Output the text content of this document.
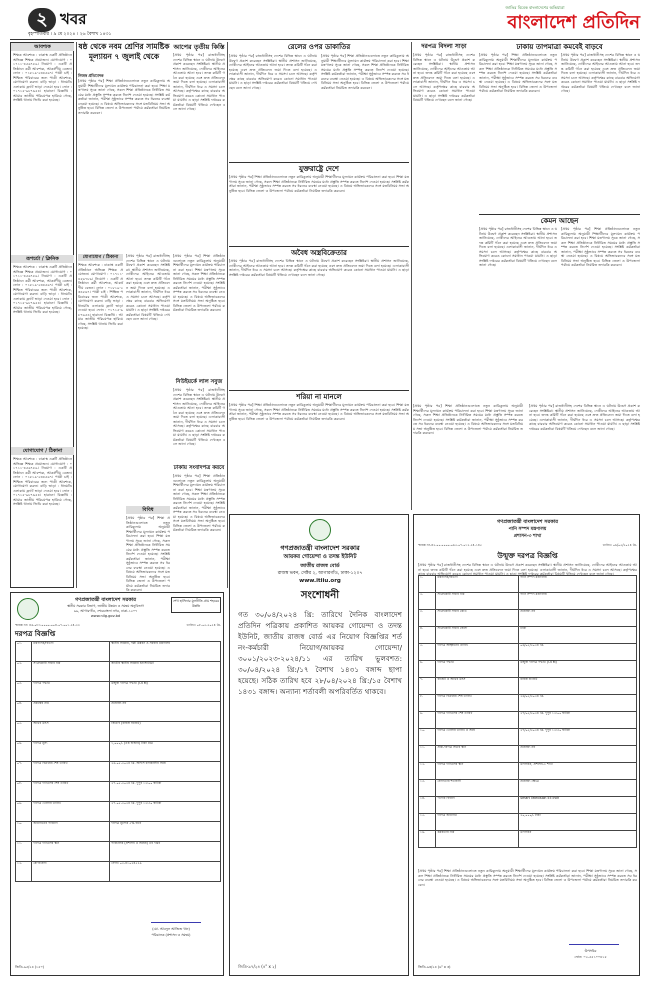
২ খবর
বৃহস্পতিবার । ৯ মে ২০২৪ । ২৬ বৈশাখ ১৪৩১
জাতির বিবেক বাংলাদেশের অভিযাত্রা
বাংলাদেশ প্রতিদিন
আবশ্যক
শিক্ষক আবশ্যক : ঢাকাস্থ একটি প্রতিষ্ঠানে অভিজ্ঞ শিক্ষক প্রয়োজন। যোগাযোগ : ০১৭১১-৪৫৬৭৮৯। নিয়োগ : একটি প্রতিষ্ঠানে কর্মী আবশ্যক, আকর্ষণীয় বেতন। ফোন : ০১৮১৯-২৩৪৫৬৭। পাত্রী চাই : শিক্ষিত পরিবারের জন্য পাত্রী আবশ্যক, যোগাযোগ করুন। বাড়ি ভাড়া : ধানমণ্ডি এলাকায় ফ্ল্যাট ভাড়া দেওয়া হবে। ফোন : ০১৭১৫-৯৮৭৬৫৪। হারানো বিজ্ঞপ্তি : আমার জাতীয় পরিচয়পত্র হারিয়ে গেছে, সংশ্লিষ্ট থানায় জিডি করা হয়েছে।
রূপচর্চা / ক্লিনিক
শিক্ষক আবশ্যক : ঢাকাস্থ একটি প্রতিষ্ঠানে অভিজ্ঞ শিক্ষক প্রয়োজন। যোগাযোগ : ০১৭১১-৪৫৬৭৮৯। নিয়োগ : একটি প্রতিষ্ঠানে কর্মী আবশ্যক, আকর্ষণীয় বেতন। ফোন : ০১৮১৯-২৩৪৫৬৭। পাত্রী চাই : শিক্ষিত পরিবারের জন্য পাত্রী আবশ্যক, যোগাযোগ করুন। বাড়ি ভাড়া : ধানমণ্ডি এলাকায় ফ্ল্যাট ভাড়া দেওয়া হবে। ফোন : ০১৭১৫-৯৮৭৬৫৪। হারানো বিজ্ঞপ্তি : আমার জাতীয় পরিচয়পত্র হারিয়ে গেছে, সংশ্লিষ্ট থানায় জিডি করা হয়েছে।
যোগাযোগ / ঠিকানা
শিক্ষক আবশ্যক : ঢাকাস্থ একটি প্রতিষ্ঠানে অভিজ্ঞ শিক্ষক প্রয়োজন। যোগাযোগ : ০১৭১১-৪৫৬৭৮৯। নিয়োগ : একটি প্রতিষ্ঠানে কর্মী আবশ্যক, আকর্ষণীয় বেতন। ফোন : ০১৮১৯-২৩৪৫৬৭। পাত্রী চাই : শিক্ষিত পরিবারের জন্য পাত্রী আবশ্যক, যোগাযোগ করুন। বাড়ি ভাড়া : ধানমণ্ডি এলাকায় ফ্ল্যাট ভাড়া দেওয়া হবে। ফোন : ০১৭১৫-৯৮৭৬৫৪। হারানো বিজ্ঞপ্তি : আমার জাতীয় পরিচয়পত্র হারিয়ে গেছে, সংশ্লিষ্ট থানায় জিডি করা হয়েছে।
ষষ্ঠ থেকে নবম শ্রেণির সামষ্টিক মূল্যায়ন ৭ জুলাই থেকে
নিজস্ব প্রতিবেদক
[প্রথম পৃষ্ঠার পর] শিক্ষা প্রতিষ্ঠানগুলোতে নতুন কারিকুলাম অনুযায়ী শিক্ষার্থীদের মূল্যায়ন কার্যক্রম পরিচালনা করা হবে। শিক্ষা মন্ত্রণালয় সূত্রে জানা গেছে, সকল শিক্ষা প্রতিষ্ঠানকে নির্ধারিত সময়ের মধ্যে প্রস্তুতি সম্পন্ন করতে নির্দেশ দেওয়া হয়েছে। সংশ্লিষ্ট কর্মকর্তারা জানান, পরীক্ষা সুষ্ঠুভাবে সম্পন্ন করতে সব ধরনের ব্যবস্থা নেওয়া হয়েছে। এ বিষয়ে অভিভাবকদের সঙ্গে মতবিনিময় সভা অনুষ্ঠিত হবে। বিভিন্ন জেলা ও উপজেলা পর্যায়ে কর্মকর্তারা নিয়মিত তদারকি করবেন।
যোগাযোগ / ঠিকানা
শিক্ষক আবশ্যক : ঢাকাস্থ একটি প্রতিষ্ঠানে অভিজ্ঞ শিক্ষক প্রয়োজন। যোগাযোগ : ০১৭১১-৪৫৬৭৮৯। নিয়োগ : একটি প্রতিষ্ঠানে কর্মী আবশ্যক, আকর্ষণীয় বেতন। ফোন : ০১৮১৯-২৩৪৫৬৭। পাত্রী চাই : শিক্ষিত পরিবারের জন্য পাত্রী আবশ্যক, যোগাযোগ করুন। বাড়ি ভাড়া : ধানমণ্ডি এলাকায় ফ্ল্যাট ভাড়া দেওয়া হবে। ফোন : ০১৭১৫-৯৮৭৬৫৪। হারানো বিজ্ঞপ্তি : আমার জাতীয় পরিচয়পত্র হারিয়ে গেছে, সংশ্লিষ্ট থানায় জিডি করা হয়েছে।
[প্রথম পৃষ্ঠার পর] রাজধানীসহ দেশের বিভিন্ন স্থানে এ ঘটনায় উদ্বেগ প্রকাশ করেছেন সংশ্লিষ্টরা। স্থানীয় প্রশাসন জানিয়েছে, দোষীদের আইনের আওতায় আনা হবে। তদন্ত কমিটি গঠন করা হয়েছে এবং দ্রুত প্রতিবেদন জমা দিতে বলা হয়েছে। এলাকাবাসী জানান, দীর্ঘদিন ধরে এ সমস্যা চলে আসছে। কর্তৃপক্ষের কাছে বারবার অভিযোগ করেও কোনো সমাধান পাওয়া যায়নি। এ ছাড়া সংশ্লিষ্ট দপ্তরের কর্মকর্তারা বিষয়টি খতিয়ে দেখছেন বলে জানা গেছে।
বিবিধ
[প্রথম পৃষ্ঠার পর] শিক্ষা প্রতিষ্ঠানগুলোতে নতুন কারিকুলাম অনুযায়ী শিক্ষার্থীদের মূল্যায়ন কার্যক্রম পরিচালনা করা হবে। শিক্ষা মন্ত্রণালয় সূত্রে জানা গেছে, সকল শিক্ষা প্রতিষ্ঠানকে নির্ধারিত সময়ের মধ্যে প্রস্তুতি সম্পন্ন করতে নির্দেশ দেওয়া হয়েছে। সংশ্লিষ্ট কর্মকর্তারা জানান, পরীক্ষা সুষ্ঠুভাবে সম্পন্ন করতে সব ধরনের ব্যবস্থা নেওয়া হয়েছে। এ বিষয়ে অভিভাবকদের সঙ্গে মতবিনিময় সভা অনুষ্ঠিত হবে। বিভিন্ন জেলা ও উপজেলা পর্যায়ে কর্মকর্তারা নিয়মিত তদারকি করবেন।
আপের তৃতীয় কিস্তি
[প্রথম পৃষ্ঠার পর] রাজধানীসহ দেশের বিভিন্ন স্থানে এ ঘটনায় উদ্বেগ প্রকাশ করেছেন সংশ্লিষ্টরা। স্থানীয় প্রশাসন জানিয়েছে, দোষীদের আইনের আওতায় আনা হবে। তদন্ত কমিটি গঠন করা হয়েছে এবং দ্রুত প্রতিবেদন জমা দিতে বলা হয়েছে। এলাকাবাসী জানান, দীর্ঘদিন ধরে এ সমস্যা চলে আসছে। কর্তৃপক্ষের কাছে বারবার অভিযোগ করেও কোনো সমাধান পাওয়া যায়নি। এ ছাড়া সংশ্লিষ্ট দপ্তরের কর্মকর্তারা বিষয়টি খতিয়ে দেখছেন বলে জানা গেছে।
[প্রথম পৃষ্ঠার পর] শিক্ষা প্রতিষ্ঠানগুলোতে নতুন কারিকুলাম অনুযায়ী শিক্ষার্থীদের মূল্যায়ন কার্যক্রম পরিচালনা করা হবে। শিক্ষা মন্ত্রণালয় সূত্রে জানা গেছে, সকল শিক্ষা প্রতিষ্ঠানকে নির্ধারিত সময়ের মধ্যে প্রস্তুতি সম্পন্ন করতে নির্দেশ দেওয়া হয়েছে। সংশ্লিষ্ট কর্মকর্তারা জানান, পরীক্ষা সুষ্ঠুভাবে সম্পন্ন করতে সব ধরনের ব্যবস্থা নেওয়া হয়েছে। এ বিষয়ে অভিভাবকদের সঙ্গে মতবিনিময় সভা অনুষ্ঠিত হবে। বিভিন্ন জেলা ও উপজেলা পর্যায়ে কর্মকর্তারা নিয়মিত তদারকি করবেন।
নিউইয়র্কে লাল সবুজ
[প্রথম পৃষ্ঠার পর] রাজধানীসহ দেশের বিভিন্ন স্থানে এ ঘটনায় উদ্বেগ প্রকাশ করেছেন সংশ্লিষ্টরা। স্থানীয় প্রশাসন জানিয়েছে, দোষীদের আইনের আওতায় আনা হবে। তদন্ত কমিটি গঠন করা হয়েছে এবং দ্রুত প্রতিবেদন জমা দিতে বলা হয়েছে। এলাকাবাসী জানান, দীর্ঘদিন ধরে এ সমস্যা চলে আসছে। কর্তৃপক্ষের কাছে বারবার অভিযোগ করেও কোনো সমাধান পাওয়া যায়নি। এ ছাড়া সংশ্লিষ্ট দপ্তরের কর্মকর্তারা বিষয়টি খতিয়ে দেখছেন বলে জানা গেছে।
ঢাকায় সংবাদপত্র করবে
[প্রথম পৃষ্ঠার পর] শিক্ষা প্রতিষ্ঠানগুলোতে নতুন কারিকুলাম অনুযায়ী শিক্ষার্থীদের মূল্যায়ন কার্যক্রম পরিচালনা করা হবে। শিক্ষা মন্ত্রণালয় সূত্রে জানা গেছে, সকল শিক্ষা প্রতিষ্ঠানকে নির্ধারিত সময়ের মধ্যে প্রস্তুতি সম্পন্ন করতে নির্দেশ দেওয়া হয়েছে। সংশ্লিষ্ট কর্মকর্তারা জানান, পরীক্ষা সুষ্ঠুভাবে সম্পন্ন করতে সব ধরনের ব্যবস্থা নেওয়া হয়েছে। এ বিষয়ে অভিভাবকদের সঙ্গে মতবিনিময় সভা অনুষ্ঠিত হবে। বিভিন্ন জেলা ও উপজেলা পর্যায়ে কর্মকর্তারা নিয়মিত তদারকি করবেন।
রেলের ওপর ডাকাতির
[প্রথম পৃষ্ঠার পর] রাজধানীসহ দেশের বিভিন্ন স্থানে এ ঘটনায় উদ্বেগ প্রকাশ করেছেন সংশ্লিষ্টরা। স্থানীয় প্রশাসন জানিয়েছে, দোষীদের আইনের আওতায় আনা হবে। তদন্ত কমিটি গঠন করা হয়েছে এবং দ্রুত প্রতিবেদন জমা দিতে বলা হয়েছে। এলাকাবাসী জানান, দীর্ঘদিন ধরে এ সমস্যা চলে আসছে। কর্তৃপক্ষের কাছে বারবার অভিযোগ করেও কোনো সমাধান পাওয়া যায়নি। এ ছাড়া সংশ্লিষ্ট দপ্তরের কর্মকর্তারা বিষয়টি খতিয়ে দেখছেন বলে জানা গেছে।
[প্রথম পৃষ্ঠার পর] শিক্ষা প্রতিষ্ঠানগুলোতে নতুন কারিকুলাম অনুযায়ী শিক্ষার্থীদের মূল্যায়ন কার্যক্রম পরিচালনা করা হবে। শিক্ষা মন্ত্রণালয় সূত্রে জানা গেছে, সকল শিক্ষা প্রতিষ্ঠানকে নির্ধারিত সময়ের মধ্যে প্রস্তুতি সম্পন্ন করতে নির্দেশ দেওয়া হয়েছে। সংশ্লিষ্ট কর্মকর্তারা জানান, পরীক্ষা সুষ্ঠুভাবে সম্পন্ন করতে সব ধরনের ব্যবস্থা নেওয়া হয়েছে। এ বিষয়ে অভিভাবকদের সঙ্গে মতবিনিময় সভা অনুষ্ঠিত হবে। বিভিন্ন জেলা ও উপজেলা পর্যায়ে কর্মকর্তারা নিয়মিত তদারকি করবেন।
যুক্তরাষ্ট্রে দেশে
[প্রথম পৃষ্ঠার পর] শিক্ষা প্রতিষ্ঠানগুলোতে নতুন কারিকুলাম অনুযায়ী শিক্ষার্থীদের মূল্যায়ন কার্যক্রম পরিচালনা করা হবে। শিক্ষা মন্ত্রণালয় সূত্রে জানা গেছে, সকল শিক্ষা প্রতিষ্ঠানকে নির্ধারিত সময়ের মধ্যে প্রস্তুতি সম্পন্ন করতে নির্দেশ দেওয়া হয়েছে। সংশ্লিষ্ট কর্মকর্তারা জানান, পরীক্ষা সুষ্ঠুভাবে সম্পন্ন করতে সব ধরনের ব্যবস্থা নেওয়া হয়েছে। এ বিষয়ে অভিভাবকদের সঙ্গে মতবিনিময় সভা অনুষ্ঠিত হবে। বিভিন্ন জেলা ও উপজেলা পর্যায়ে কর্মকর্তারা নিয়মিত তদারকি করবেন।
অবৈধ অস্ত্রবিক্রেতার
[প্রথম পৃষ্ঠার পর] রাজধানীসহ দেশের বিভিন্ন স্থানে এ ঘটনায় উদ্বেগ প্রকাশ করেছেন সংশ্লিষ্টরা। স্থানীয় প্রশাসন জানিয়েছে, দোষীদের আইনের আওতায় আনা হবে। তদন্ত কমিটি গঠন করা হয়েছে এবং দ্রুত প্রতিবেদন জমা দিতে বলা হয়েছে। এলাকাবাসী জানান, দীর্ঘদিন ধরে এ সমস্যা চলে আসছে। কর্তৃপক্ষের কাছে বারবার অভিযোগ করেও কোনো সমাধান পাওয়া যায়নি। এ ছাড়া সংশ্লিষ্ট দপ্তরের কর্মকর্তারা বিষয়টি খতিয়ে দেখছেন বলে জানা গেছে।
শরিয়া না মানলে
[প্রথম পৃষ্ঠার পর] শিক্ষা প্রতিষ্ঠানগুলোতে নতুন কারিকুলাম অনুযায়ী শিক্ষার্থীদের মূল্যায়ন কার্যক্রম পরিচালনা করা হবে। শিক্ষা মন্ত্রণালয় সূত্রে জানা গেছে, সকল শিক্ষা প্রতিষ্ঠানকে নির্ধারিত সময়ের মধ্যে প্রস্তুতি সম্পন্ন করতে নির্দেশ দেওয়া হয়েছে। সংশ্লিষ্ট কর্মকর্তারা জানান, পরীক্ষা সুষ্ঠুভাবে সম্পন্ন করতে সব ধরনের ব্যবস্থা নেওয়া হয়েছে। এ বিষয়ে অভিভাবকদের সঙ্গে মতবিনিময় সভা অনুষ্ঠিত হবে। বিভিন্ন জেলা ও উপজেলা পর্যায়ে কর্মকর্তারা নিয়মিত তদারকি করবেন।
দরপত্র বিদলা সাড়া
[প্রথম পৃষ্ঠার পর] রাজধানীসহ দেশের বিভিন্ন স্থানে এ ঘটনায় উদ্বেগ প্রকাশ করেছেন সংশ্লিষ্টরা। স্থানীয় প্রশাসন জানিয়েছে, দোষীদের আইনের আওতায় আনা হবে। তদন্ত কমিটি গঠন করা হয়েছে এবং দ্রুত প্রতিবেদন জমা দিতে বলা হয়েছে। এলাকাবাসী জানান, দীর্ঘদিন ধরে এ সমস্যা চলে আসছে। কর্তৃপক্ষের কাছে বারবার অভিযোগ করেও কোনো সমাধান পাওয়া যায়নি। এ ছাড়া সংশ্লিষ্ট দপ্তরের কর্মকর্তারা বিষয়টি খতিয়ে দেখছেন বলে জানা গেছে।
ঢাকায় তাপমাত্রা কমবেই বাড়বে
[প্রথম পৃষ্ঠার পর] শিক্ষা প্রতিষ্ঠানগুলোতে নতুন কারিকুলাম অনুযায়ী শিক্ষার্থীদের মূল্যায়ন কার্যক্রম পরিচালনা করা হবে। শিক্ষা মন্ত্রণালয় সূত্রে জানা গেছে, সকল শিক্ষা প্রতিষ্ঠানকে নির্ধারিত সময়ের মধ্যে প্রস্তুতি সম্পন্ন করতে নির্দেশ দেওয়া হয়েছে। সংশ্লিষ্ট কর্মকর্তারা জানান, পরীক্ষা সুষ্ঠুভাবে সম্পন্ন করতে সব ধরনের ব্যবস্থা নেওয়া হয়েছে। এ বিষয়ে অভিভাবকদের সঙ্গে মতবিনিময় সভা অনুষ্ঠিত হবে। বিভিন্ন জেলা ও উপজেলা পর্যায়ে কর্মকর্তারা নিয়মিত তদারকি করবেন।
[প্রথম পৃষ্ঠার পর] রাজধানীসহ দেশের বিভিন্ন স্থানে এ ঘটনায় উদ্বেগ প্রকাশ করেছেন সংশ্লিষ্টরা। স্থানীয় প্রশাসন জানিয়েছে, দোষীদের আইনের আওতায় আনা হবে। তদন্ত কমিটি গঠন করা হয়েছে এবং দ্রুত প্রতিবেদন জমা দিতে বলা হয়েছে। এলাকাবাসী জানান, দীর্ঘদিন ধরে এ সমস্যা চলে আসছে। কর্তৃপক্ষের কাছে বারবার অভিযোগ করেও কোনো সমাধান পাওয়া যায়নি। এ ছাড়া সংশ্লিষ্ট দপ্তরের কর্মকর্তারা বিষয়টি খতিয়ে দেখছেন বলে জানা গেছে।
কেমন আছেন
[প্রথম পৃষ্ঠার পর] রাজধানীসহ দেশের বিভিন্ন স্থানে এ ঘটনায় উদ্বেগ প্রকাশ করেছেন সংশ্লিষ্টরা। স্থানীয় প্রশাসন জানিয়েছে, দোষীদের আইনের আওতায় আনা হবে। তদন্ত কমিটি গঠন করা হয়েছে এবং দ্রুত প্রতিবেদন জমা দিতে বলা হয়েছে। এলাকাবাসী জানান, দীর্ঘদিন ধরে এ সমস্যা চলে আসছে। কর্তৃপক্ষের কাছে বারবার অভিযোগ করেও কোনো সমাধান পাওয়া যায়নি। এ ছাড়া সংশ্লিষ্ট দপ্তরের কর্মকর্তারা বিষয়টি খতিয়ে দেখছেন বলে জানা গেছে।
[প্রথম পৃষ্ঠার পর] শিক্ষা প্রতিষ্ঠানগুলোতে নতুন কারিকুলাম অনুযায়ী শিক্ষার্থীদের মূল্যায়ন কার্যক্রম পরিচালনা করা হবে। শিক্ষা মন্ত্রণালয় সূত্রে জানা গেছে, সকল শিক্ষা প্রতিষ্ঠানকে নির্ধারিত সময়ের মধ্যে প্রস্তুতি সম্পন্ন করতে নির্দেশ দেওয়া হয়েছে। সংশ্লিষ্ট কর্মকর্তারা জানান, পরীক্ষা সুষ্ঠুভাবে সম্পন্ন করতে সব ধরনের ব্যবস্থা নেওয়া হয়েছে। এ বিষয়ে অভিভাবকদের সঙ্গে মতবিনিময় সভা অনুষ্ঠিত হবে। বিভিন্ন জেলা ও উপজেলা পর্যায়ে কর্মকর্তারা নিয়মিত তদারকি করবেন।
[প্রথম পৃষ্ঠার পর] শিক্ষা প্রতিষ্ঠানগুলোতে নতুন কারিকুলাম অনুযায়ী শিক্ষার্থীদের মূল্যায়ন কার্যক্রম পরিচালনা করা হবে। শিক্ষা মন্ত্রণালয় সূত্রে জানা গেছে, সকল শিক্ষা প্রতিষ্ঠানকে নির্ধারিত সময়ের মধ্যে প্রস্তুতি সম্পন্ন করতে নির্দেশ দেওয়া হয়েছে। সংশ্লিষ্ট কর্মকর্তারা জানান, পরীক্ষা সুষ্ঠুভাবে সম্পন্ন করতে সব ধরনের ব্যবস্থা নেওয়া হয়েছে। এ বিষয়ে অভিভাবকদের সঙ্গে মতবিনিময় সভা অনুষ্ঠিত হবে। বিভিন্ন জেলা ও উপজেলা পর্যায়ে কর্মকর্তারা নিয়মিত তদারকি করবেন।
[প্রথম পৃষ্ঠার পর] রাজধানীসহ দেশের বিভিন্ন স্থানে এ ঘটনায় উদ্বেগ প্রকাশ করেছেন সংশ্লিষ্টরা। স্থানীয় প্রশাসন জানিয়েছে, দোষীদের আইনের আওতায় আনা হবে। তদন্ত কমিটি গঠন করা হয়েছে এবং দ্রুত প্রতিবেদন জমা দিতে বলা হয়েছে। এলাকাবাসী জানান, দীর্ঘদিন ধরে এ সমস্যা চলে আসছে। কর্তৃপক্ষের কাছে বারবার অভিযোগ করেও কোনো সমাধান পাওয়া যায়নি। এ ছাড়া সংশ্লিষ্ট দপ্তরের কর্মকর্তারা বিষয়টি খতিয়ে দেখছেন বলে জানা গেছে।
গণপ্রজাতন্ত্রী বাংলাদেশ সরকার
স্থানীয় সরকার বিভাগ, জাতীয় উন্নয়ন ও সমন্বয় অনুবিভাগ
৯৯, আগারগাঁও, শেরেবাংলা নগর, ঢাকা-১২০৭
www.nilg.gov.bd
শেখ হাসিনার মূলনীতি গ্রাম শহরের উন্নতি
স্মারক নং: ৪৬.০৮৩.০০০০.০০৪.০৭.০০১.২৪-৩৩	তারিখ: ০৮-০৫-২০২৪ খ্রি.
দরপত্র বিজ্ঞপ্তি
০১.	মন্ত্রণালয়/বিভাগ	স্থানীয় সরকার, পল্লী উন্নয়ন ও সমবায় মন্ত্রণালয়
০২.	সংগ্রহকারী সত্তার নাম	জাতীয় স্থানীয় সরকার ইনস্টিটিউট
০৩.	দরপত্র পদ্ধতি	উন্মুক্ত দরপত্র পদ্ধতি (OTM)
০৪.	প্রকল্পের নাম	প্রযোজ্য নয়
০৫.	অর্থের উৎস	জিওবি (রাজস্ব বাজেট)
০৬.	দরপত্র মূল্য	১,০০০/- (এক হাজার) টাকা মাত্র
০৭.	দরপত্র বিক্রয়ের শেষ তারিখ	২৬-০৫-২০২৪ খ্রি. অফিস চলাকালীন সময়
০৮.	দরপত্র দাখিলের শেষ তারিখ	২৭-০৫-২০২৪ খ্রি. দুপুর ১২:০০ ঘটিকা
০৯.	দরপত্র খোলার তারিখ	২৭-০৫-২০২৪ খ্রি. দুপুর ১২:৩০ ঘটিকা
১০.	জামানতের পরিমাণ	দরপত্র মূল্যের ৫% হারে
১১.	দরপত্র দাখিলের স্থান	পরিচালক (প্রশাসন ও সমন্বয়) এর দপ্তর
১২.	যোগাযোগ	ফোন: ০২-৪১০২৪৫২৯
(মো. আবদুল আজিজ খান)
পরিচালক (প্রশাসন ও সমন্বয়)
জিডি-৯৫/২৪ (১৫০)
গণপ্রজাতন্ত্রী বাংলাদেশ সরকার
আয়কর গোয়েন্দা ও তদন্ত ইউনিট
জাতীয় রাজস্ব বোর্ড
রাজস্ব ভবন, সেক্টর ২, আগারগাঁও, ঢাকা-১২০৭
www.itiiu.org
সংশোধনী
গত ৩০/০৪/২০২৪ খ্রি: তারিখে দৈনিক বাংলাদেশ প্রতিদিন পত্রিকায় প্রকাশিত আয়কর গোয়েন্দা ও তদন্ত ইউনিট, জাতীয় রাজস্ব বোর্ড এর নিয়োগ বিজ্ঞপ্তির শর্ত নং-কর্মচারী নিয়োগ/আয়কর গোয়েন্দা/৩০০১/২০২৩-২০২৪/১১ এর তারিখ ভুলবশত: ৩০/০৪/২০২৪ খ্রি:/১৭ বৈশাখ ১৪৩১ বঙ্গাব্দ ছাপা হয়েছে। সঠিক তারিখ হবে ২৮/০৪/২০২৪ খ্রি:/১৫ বৈশাখ ১৪৩১ বঙ্গাব্দ। অন্যান্য শর্তাবলী অপরিবর্তিত থাকবে।
জিডি-৯৭/২৪ (৪" x ২)
গণপ্রজাতন্ত্রী বাংলাদেশ সরকার
পানি সম্পদ মন্ত্রণালয়
প্রশাসন-৩ শাখা
স্মারক নং-৪২.০০.০০০০.০৬৫.০৭.০১২.২৪-১৪৫	তারিখ: ০৬/০৫/২০২৪ খ্রি.
উন্মুক্ত দরপত্র বিজ্ঞপ্তি
[প্রথম পৃষ্ঠার পর] রাজধানীসহ দেশের বিভিন্ন স্থানে এ ঘটনায় উদ্বেগ প্রকাশ করেছেন সংশ্লিষ্টরা। স্থানীয় প্রশাসন জানিয়েছে, দোষীদের আইনের আওতায় আনা হবে। তদন্ত কমিটি গঠন করা হয়েছে এবং দ্রুত প্রতিবেদন জমা দিতে বলা হয়েছে। এলাকাবাসী জানান, দীর্ঘদিন ধরে এ সমস্যা চলে আসছে। কর্তৃপক্ষের কাছে বারবার অভিযোগ করেও কোনো সমাধান পাওয়া যায়নি। এ ছাড়া সংশ্লিষ্ট দপ্তরের কর্মকর্তারা বিষয়টি খতিয়ে দেখছেন বলে জানা গেছে।
১.	মন্ত্রণালয়/বিভাগ	পানি সম্পদ মন্ত্রণালয়
২.	সংগ্রহকারী সত্তার নাম	পানি সম্পদ মন্ত্রণালয়
৩.	সংগ্রহকারী সত্তার কোড	প্রযোজ্য নয়
৪.	সংগ্রহকারী সত্তার জেলা	ঢাকা
৫.	দরপত্র আহ্বানের তারিখ	০৬/০৫/২০২৪ খ্রি.
৬.	দরপত্র পদ্ধতি	উন্মুক্ত দরপত্র পদ্ধতি (OTM)
৭.	বাজেট ও অর্থের উৎস	রাজস্ব বাজেট
৮.	দরপত্র বিক্রয়ের শেষ তারিখ	২৬/০৫/২০২৪ খ্রি.
৯.	দরপত্র দাখিলের শেষ তারিখ	২৭/০৫/২০২৪ খ্রি. দুপুর ১২:০০ ঘটিকা
১০.	দরপত্র খোলার তারিখ ও সময়	২৭/০৫/২০২৪ খ্রি. দুপুর ১২:৩০ ঘটিকা
১১.	প্রাক-দরপত্র সভার স্থান	প্রযোজ্য নয়
১২.	দরপত্র দাখিলের স্থান	উপসচিব, প্রশাসন-৩ শাখা
১৩.	যোগ্যতার শর্তাবলী	প্রযোজ্য ক্ষেত্রে
১৪.	পণ্যের বিবরণ	Smart Television 55 Inch
১৫.	দরপত্র জামানত	২০,০০০/- টাকা
১৬.	কর্মকর্তার নাম	উপসচিব
[প্রথম পৃষ্ঠার পর] শিক্ষা প্রতিষ্ঠানগুলোতে নতুন কারিকুলাম অনুযায়ী শিক্ষার্থীদের মূল্যায়ন কার্যক্রম পরিচালনা করা হবে। শিক্ষা মন্ত্রণালয় সূত্রে জানা গেছে, সকল শিক্ষা প্রতিষ্ঠানকে নির্ধারিত সময়ের মধ্যে প্রস্তুতি সম্পন্ন করতে নির্দেশ দেওয়া হয়েছে। সংশ্লিষ্ট কর্মকর্তারা জানান, পরীক্ষা সুষ্ঠুভাবে সম্পন্ন করতে সব ধরনের ব্যবস্থা নেওয়া হয়েছে। এ বিষয়ে অভিভাবকদের সঙ্গে মতবিনিময় সভা অনুষ্ঠিত হবে। বিভিন্ন জেলা ও উপজেলা পর্যায়ে কর্মকর্তারা নিয়মিত তদারকি করবেন।
উপসচিব
ফোন: ০২-৫৫১০০৪১৫
জিডি-৯৩/২৪ (৬" x ৩)
